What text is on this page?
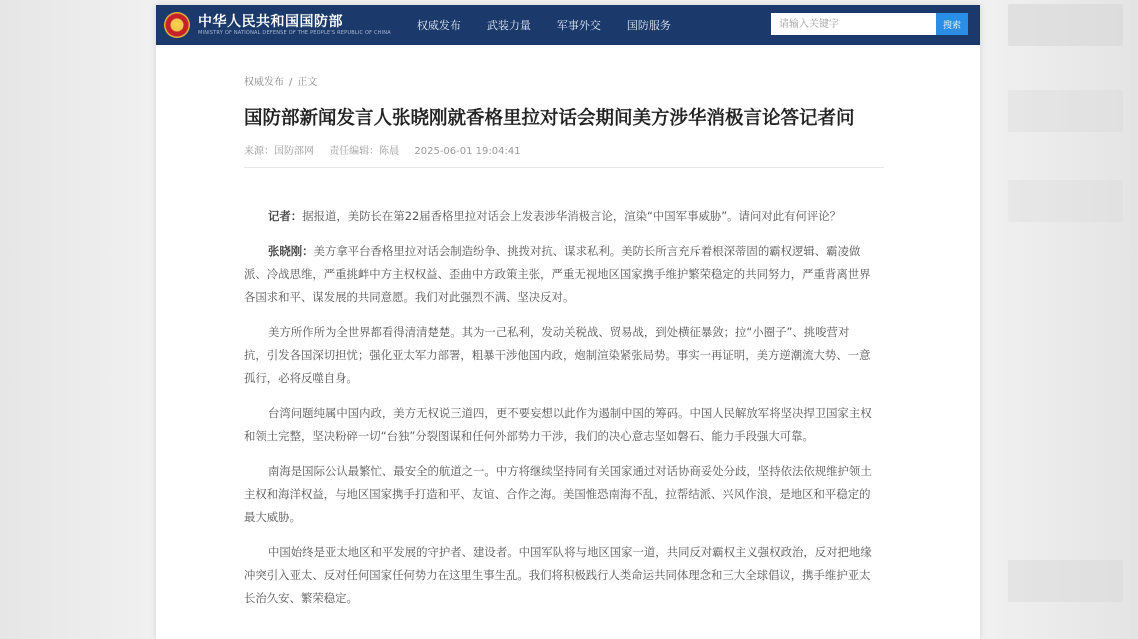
★	中华人民共和国国防部
MINISTRY OF NATIONAL DEFENSE OF THE PEOPLE'S REPUBLIC OF CHINA
权威发布 武装力量 军事外交 国防服务
请输入关键字	搜索
权威发布 / 正文
国防部新闻发言人张晓刚就香格里拉对话会期间美方涉华消极言论答记者问
来源：国防部网 责任编辑：陈晨 2025-06-01 19:04:41

记者：据报道，美防长在第22届香格里拉对话会上发表涉华消极言论，渲染“中国军事威胁”。请问对此有何评论？

张晓刚：美方拿平台香格里拉对话会制造纷争、挑拨对抗、谋求私利。美防长所言充斥着根深蒂固的霸权逻辑、霸凌做派、冷战思维，严重挑衅中方主权权益、歪曲中方政策主张，严重无视地区国家携手维护繁荣稳定的共同努力，严重背离世界各国求和平、谋发展的共同意愿。我们对此强烈不满、坚决反对。

美方所作所为全世界都看得清清楚楚。其为一己私利，发动关税战、贸易战，到处横征暴敛；拉“小圈子”、挑唆营对抗，引发各国深切担忧；强化亚太军力部署，粗暴干涉他国内政，炮制渲染紧张局势。事实一再证明，美方逆潮流大势、一意孤行，必将反噬自身。

台湾问题纯属中国内政，美方无权说三道四，更不要妄想以此作为遏制中国的筹码。中国人民解放军将坚决捍卫国家主权和领土完整，坚决粉碎一切“台独”分裂图谋和任何外部势力干涉，我们的决心意志坚如磐石、能力手段强大可靠。

南海是国际公认最繁忙、最安全的航道之一。中方将继续坚持同有关国家通过对话协商妥处分歧，坚持依法依规维护领土主权和海洋权益，与地区国家携手打造和平、友谊、合作之海。美国惟恐南海不乱，拉帮结派、兴风作浪，是地区和平稳定的最大威胁。

中国始终是亚太地区和平发展的守护者、建设者。中国军队将与地区国家一道，共同反对霸权主义强权政治，反对把地缘冲突引入亚太、反对任何国家任何势力在这里生事生乱。我们将积极践行人类命运共同体理念和三大全球倡议，携手维护亚太长治久安、繁荣稳定。
